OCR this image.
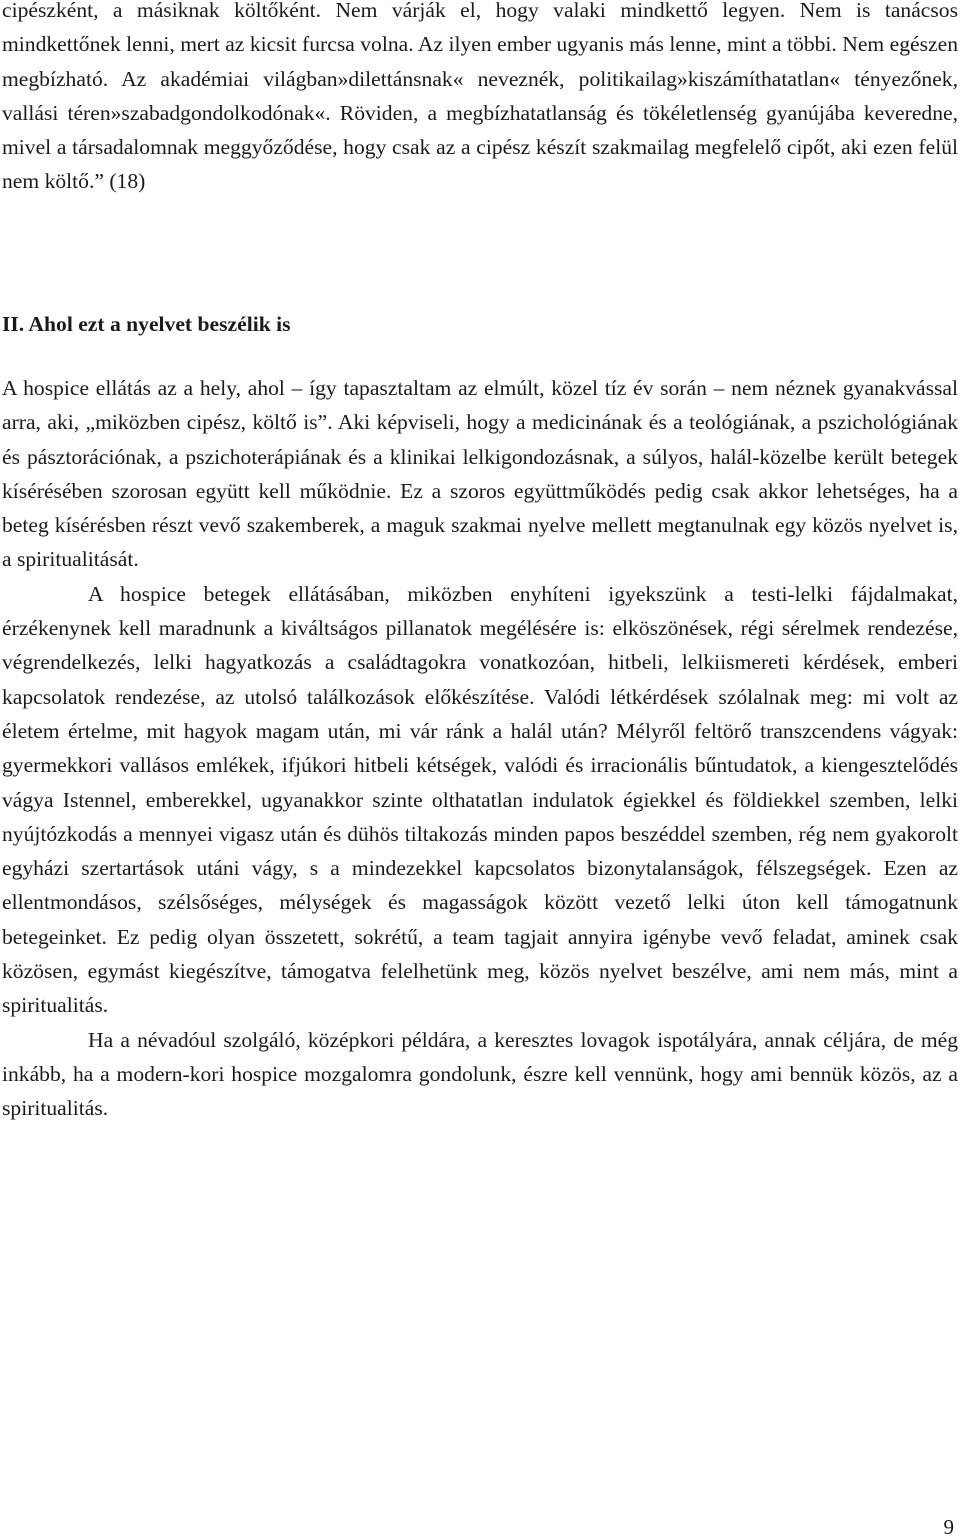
cipészként, a másiknak költőként. Nem várják el, hogy valaki mindkettő legyen. Nem is tanácsos mindkettőnek lenni, mert az kicsit furcsa volna. Az ilyen ember ugyanis más lenne, mint a többi. Nem egészen megbízható. Az akadémiai világban»dilettánsnak« neveznék, politikailag»kiszámíthatatlan« tényezőnek, vallási téren»szabadgondolkodónak«. Röviden, a megbízhatatlanság és tökéletlenség gyanújába keveredne, mivel a társadalomnak meggyőződése, hogy csak az a cipész készít szakmailag megfelelő cipőt, aki ezen felül nem költő.” (18)

II. Ahol ezt a nyelvet beszélik is

A hospice ellátás az a hely, ahol – így tapasztaltam az elmúlt, közel tíz év során – nem néznek gyanakvással arra, aki, „miközben cipész, költő is”. Aki képviseli, hogy a medicinának és a teológiának, a pszichológiának és pásztorációnak, a pszichoterápiának és a klinikai lelkigondozásnak, a súlyos, halál-közelbe került betegek kísérésében szorosan együtt kell működnie. Ez a szoros együttműködés pedig csak akkor lehetséges, ha a beteg kísérésben részt vevő szakemberek, a maguk szakmai nyelve mellett megtanulnak egy közös nyelvet is, a spiritualitását.

A hospice betegek ellátásában, miközben enyhíteni igyekszünk a testi-lelki fájdalmakat, érzékenynek kell maradnunk a kiváltságos pillanatok megélésére is: elköszönések, régi sérelmek rendezése, végrendelkezés, lelki hagyatkozás a családtagokra vonatkozóan, hitbeli, lelkiismereti kérdések, emberi kapcsolatok rendezése, az utolsó találkozások előkészítése. Valódi létkérdések szólalnak meg: mi volt az életem értelme, mit hagyok magam után, mi vár ránk a halál után? Mélyről feltörő transzcendens vágyak: gyermekkori vallásos emlékek, ifjúkori hitbeli kétségek, valódi és irracionális bűntudatok, a kiengesztelődés vágya Istennel, emberekkel, ugyanakkor szinte olthatatlan indulatok égiekkel és földiekkel szemben, lelki nyújtózkodás a mennyei vigasz után és dühös tiltakozás minden papos beszéddel szemben, rég nem gyakorolt egyházi szertartások utáni vágy, s a mindezekkel kapcsolatos bizonytalanságok, félszegségek. Ezen az ellentmondásos, szélsőséges, mélységek és magasságok között vezető lelki úton kell támogatnunk betegeinket. Ez pedig olyan összetett, sokrétű, a team tagjait annyira igénybe vevő feladat, aminek csak közösen, egymást kiegészítve, támogatva felelhetünk meg, közös nyelvet beszélve, ami nem más, mint a spiritualitás.

Ha a névadóul szolgáló, középkori példára, a keresztes lovagok ispotályára, annak céljára, de még inkább, ha a modern-kori hospice mozgalomra gondolunk, észre kell vennünk, hogy ami bennük közös, az a spiritualitás.

9
